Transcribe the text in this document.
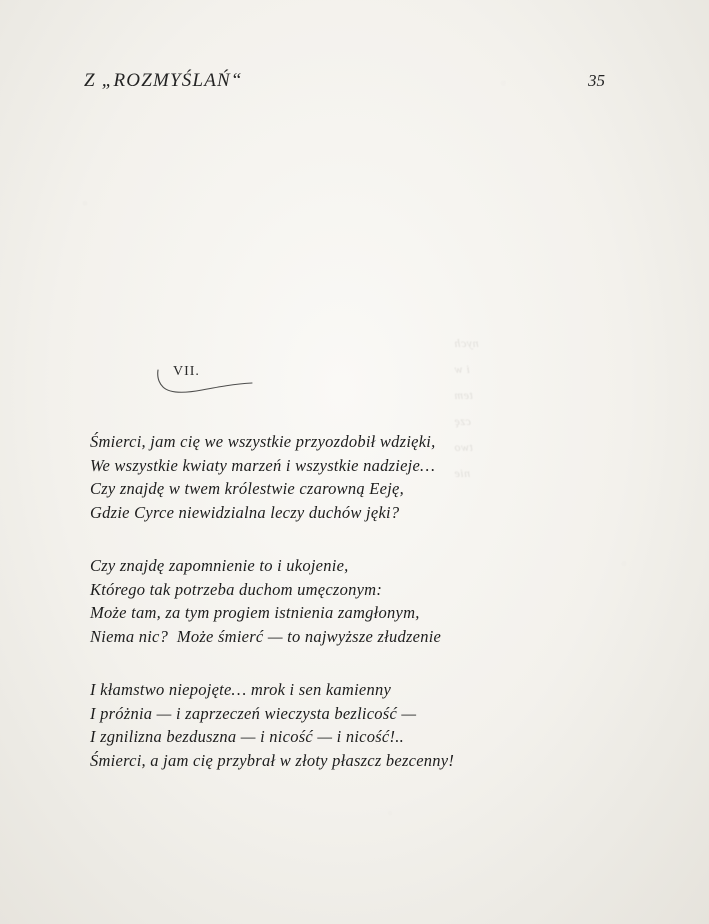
nych
i w
tem
czę
two
nie
Z „ROZMYŚLAŃ“	35
VII.
Śmierci, jam cię we wszystkie przyozdobił wdzięki,
We wszystkie kwiaty marzeń i wszystkie nadzieje…
Czy znajdę w twem królestwie czarowną Eeję,
Gdzie Cyrce niewidzialna leczy duchów jęki?
Czy znajdę zapomnienie to i ukojenie,
Którego tak potrzeba duchom umęczonym:
Może tam, za tym progiem istnienia zamgłonym,
Niema nic?  Może śmierć — to najwyższe złudzenie
I kłamstwo niepojęte… mrok i sen kamienny
I próżnia — i zaprzeczeń wieczysta bezlicość —
I zgnilizna bezduszna — i nicość — i nicość!..
Śmierci, a jam cię przybrał w złoty płaszcz bezcenny!
